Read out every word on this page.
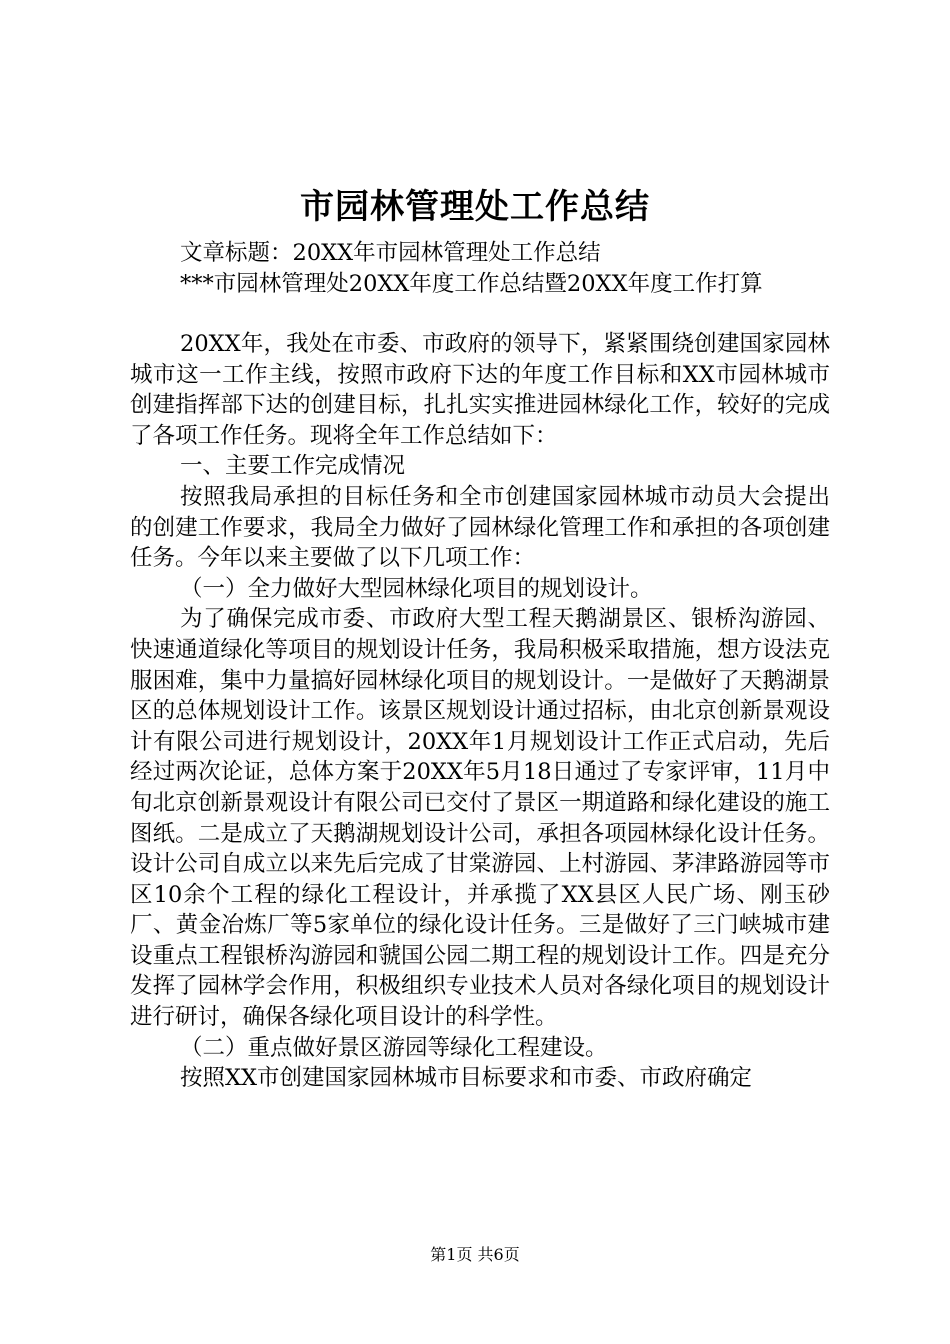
市园林管理处工作总结
文章标题：20XX年市园林管理处工作总结
***市园林管理处20XX年度工作总结暨20XX年度工作打算

20XX年，我处在市委、市政府的领导下，紧紧围绕创建国家园林城市这一工作主线，按照市政府下达的年度工作目标和XX市园林城市创建指挥部下达的创建目标，扎扎实实推进园林绿化工作，较好的完成了各项工作任务。现将全年工作总结如下：

一、主要工作完成情况

按照我局承担的目标任务和全市创建国家园林城市动员大会提出的创建工作要求，我局全力做好了园林绿化管理工作和承担的各项创建任务。今年以来主要做了以下几项工作：

（一）全力做好大型园林绿化项目的规划设计。

为了确保完成市委、市政府大型工程天鹅湖景区、银桥沟游园、快速通道绿化等项目的规划设计任务，我局积极采取措施，想方设法克服困难，集中力量搞好园林绿化项目的规划设计。一是做好了天鹅湖景区的总体规划设计工作。该景区规划设计通过招标，由北京创新景观设计有限公司进行规划设计，20XX年1月规划设计工作正式启动，先后经过两次论证，总体方案于20XX年5月18日通过了专家评审，11月中旬北京创新景观设计有限公司已交付了景区一期道路和绿化建设的施工图纸。二是成立了天鹅湖规划设计公司，承担各项园林绿化设计任务。设计公司自成立以来先后完成了甘棠游园、上村游园、茅津路游园等市区10余个工程的绿化工程设计，并承揽了XX县区人民广场、刚玉砂厂、黄金冶炼厂等5家单位的绿化设计任务。三是做好了三门峡城市建设重点工程银桥沟游园和虢国公园二期工程的规划设计工作。四是充分发挥了园林学会作用，积极组织专业技术人员对各绿化项目的规划设计进行研讨，确保各绿化项目设计的科学性。

（二）重点做好景区游园等绿化工程建设。

按照XX市创建国家园林城市目标要求和市委、市政府确定

第1页 共6页
